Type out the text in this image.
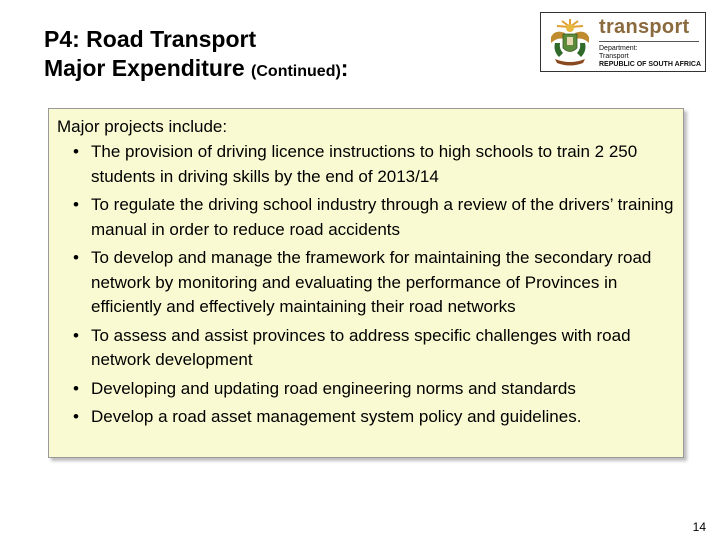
P4: Road Transport
Major Expenditure (Continued):
transport
Department:
Transport
REPUBLIC OF SOUTH AFRICA
Major projects include:
• The provision of driving licence instructions to high schools to train 2 250 students in driving skills by the end of 2013/14
• To regulate the driving school industry through a review of the drivers’ training manual in order to reduce road accidents
• To develop and manage the framework for maintaining the secondary road network by monitoring and evaluating the performance of Provinces in efficiently and effectively maintaining their road networks
• To assess and assist provinces to address specific challenges with road network development
• Developing and updating road engineering norms and standards
• Develop a road asset management system policy and guidelines.
14
